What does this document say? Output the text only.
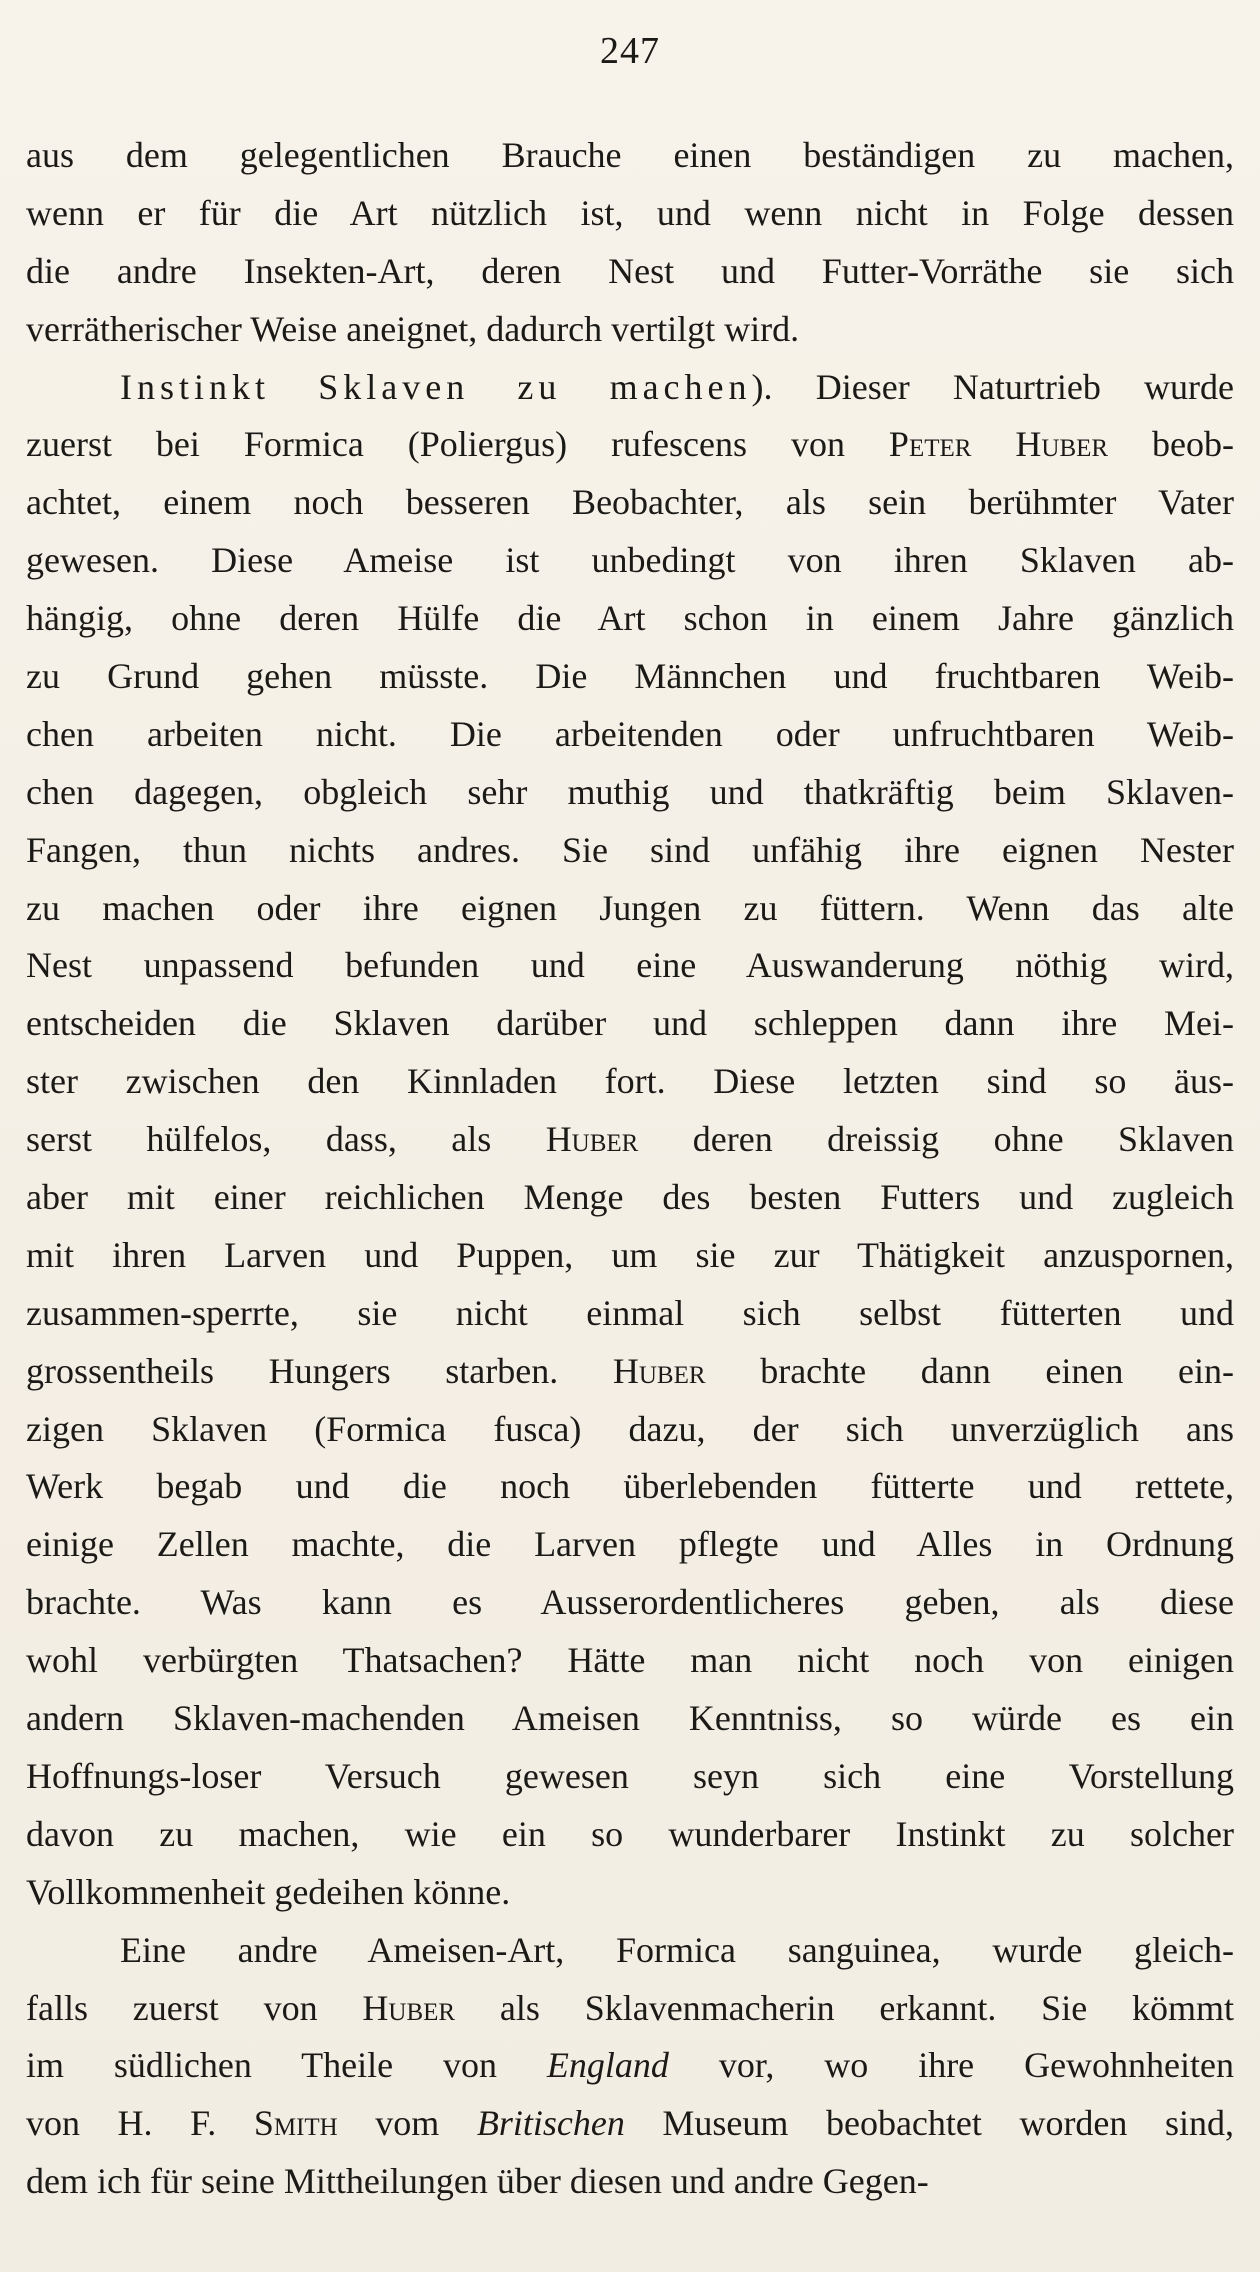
247
aus dem gelegentlichen Brauche einen beständigen zu machen,
wenn er für die Art nützlich ist, und wenn nicht in Folge dessen
die andre Insekten-Art, deren Nest und Futter-Vorräthe sie sich
verrätherischer Weise aneignet, dadurch vertilgt wird.
Instinkt Sklaven zu machen). Dieser Naturtrieb wurde
zuerst bei Formica (Poliergus) rufescens von Peter Huber beob-
achtet, einem noch besseren Beobachter, als sein berühmter Vater
gewesen. Diese Ameise ist unbedingt von ihren Sklaven ab-
hängig, ohne deren Hülfe die Art schon in einem Jahre gänzlich
zu Grund gehen müsste. Die Männchen und fruchtbaren Weib-
chen arbeiten nicht. Die arbeitenden oder unfruchtbaren Weib-
chen dagegen, obgleich sehr muthig und thatkräftig beim Sklaven-
Fangen, thun nichts andres. Sie sind unfähig ihre eignen Nester
zu machen oder ihre eignen Jungen zu füttern. Wenn das alte
Nest unpassend befunden und eine Auswanderung nöthig wird,
entscheiden die Sklaven darüber und schleppen dann ihre Mei-
ster zwischen den Kinnladen fort. Diese letzten sind so äus-
serst hülfelos, dass, als Huber deren dreissig ohne Sklaven
aber mit einer reichlichen Menge des besten Futters und zugleich
mit ihren Larven und Puppen, um sie zur Thätigkeit anzuspornen,
zusammen-sperrte, sie nicht einmal sich selbst fütterten und
grossentheils Hungers starben. Huber brachte dann einen ein-
zigen Sklaven (Formica fusca) dazu, der sich unverzüglich ans
Werk begab und die noch überlebenden fütterte und rettete,
einige Zellen machte, die Larven pflegte und Alles in Ordnung
brachte. Was kann es Ausserordentlicheres geben, als diese
wohl verbürgten Thatsachen? Hätte man nicht noch von einigen
andern Sklaven-machenden Ameisen Kenntniss, so würde es ein
Hoffnungs-loser Versuch gewesen seyn sich eine Vorstellung
davon zu machen, wie ein so wunderbarer Instinkt zu solcher
Vollkommenheit gedeihen könne.
Eine andre Ameisen-Art, Formica sanguinea, wurde gleich-
falls zuerst von Huber als Sklavenmacherin erkannt. Sie kömmt
im südlichen Theile von England vor, wo ihre Gewohnheiten
von H. F. Smith vom Britischen Museum beobachtet worden sind,
dem ich für seine Mittheilungen über diesen und andre Gegen-
